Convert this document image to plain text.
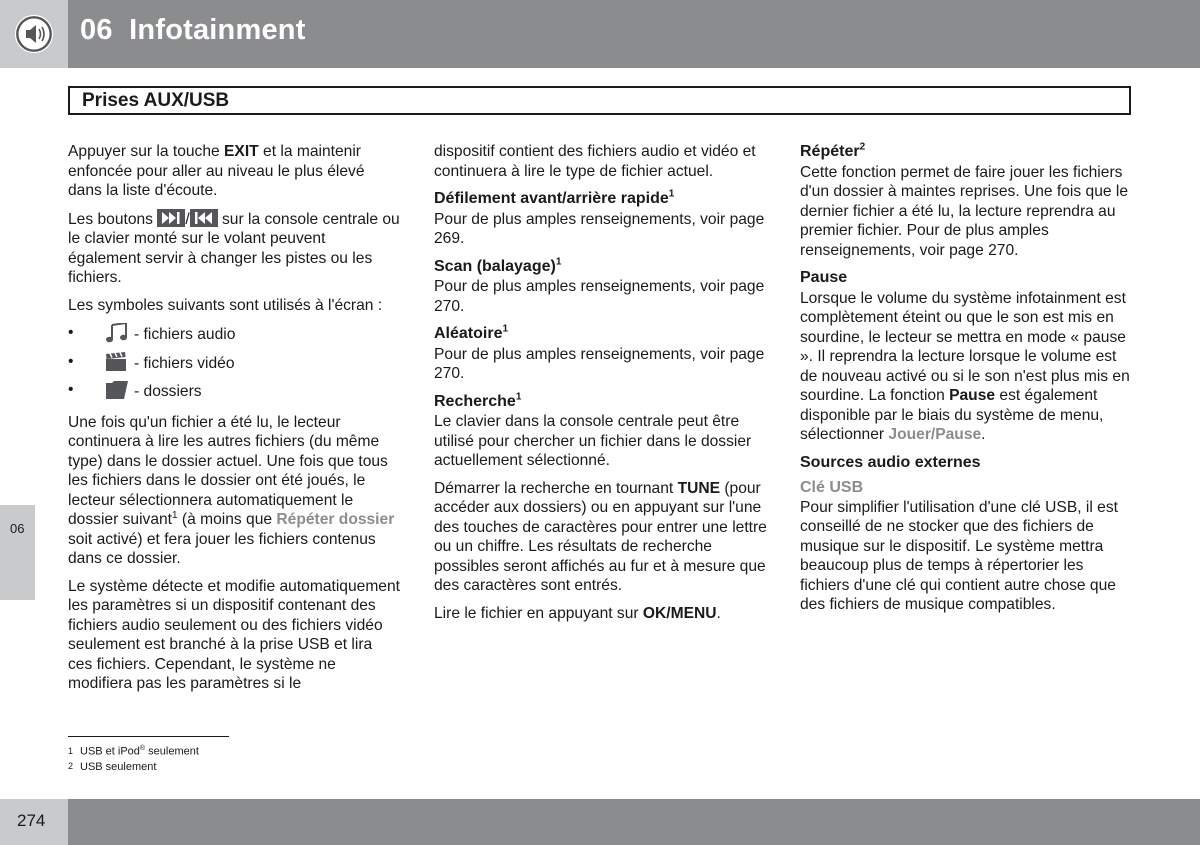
06  Infotainment
Prises AUX/USB

Appuyer sur la touche EXIT et la maintenir enfoncée pour aller au niveau le plus élevé dans la liste d'écoute.

Les boutons
/
sur la console centrale ou le clavier monté sur le volant peuvent également servir à changer les pistes ou les fichiers.

Les symboles suivants sont utilisés à l'écran :

•	- fichiers audio
•	- fichiers vidéo
•	- dossiers

Une fois qu'un fichier a été lu, le lecteur continuera à lire les autres fichiers (du même type) dans le dossier actuel. Une fois que tous les fichiers dans le dossier ont été joués, le lecteur sélectionnera automatiquement le dossier suivant$^1$ (à moins que Répéter dossier soit activé) et fera jouer les fichiers contenus dans ce dossier.

Le système détecte et modifie automatiquement les paramètres si un dispositif contenant des fichiers audio seulement ou des fichiers vidéo seulement est branché à la prise USB et lira ces fichiers. Cependant, le système ne modifiera pas les paramètres si le

dispositif contient des fichiers audio et vidéo et continuera à lire le type de fichier actuel.

Défilement avant/arrière rapide$^1$

Pour de plus amples renseignements, voir page 269.

Scan (balayage)$^1$

Pour de plus amples renseignements, voir page 270.

Aléatoire$^1$

Pour de plus amples renseignements, voir page 270.

Recherche$^1$

Le clavier dans la console centrale peut être utilisé pour chercher un fichier dans le dossier actuellement sélectionné.

Démarrer la recherche en tournant TUNE (pour accéder aux dossiers) ou en appuyant sur l'une des touches de caractères pour entrer une lettre ou un chiffre. Les résultats de recherche possibles seront affichés au fur et à mesure que des caractères sont entrés.

Lire le fichier en appuyant sur OK/MENU.

Répéter$^2$

Cette fonction permet de faire jouer les fichiers d'un dossier à maintes reprises. Une fois que le dernier fichier a été lu, la lecture reprendra au premier fichier. Pour de plus amples renseignements, voir page 270.

Pause

Lorsque le volume du système infotainment est complètement éteint ou que le son est mis en sourdine, le lecteur se mettra en mode « pause ». Il reprendra la lecture lorsque le volume est de nouveau activé ou si le son n'est plus mis en sourdine. La fonction Pause est également disponible par le biais du système de menu, sélectionner Jouer/Pause.

Sources audio externes
Clé USB

Pour simplifier l'utilisation d'une clé USB, il est conseillé de ne stocker que des fichiers de musique sur le dispositif. Le système mettra beaucoup plus de temps à répertorier les fichiers d'une clé qui contient autre chose que des fichiers de musique compatibles.

1 USB et iPod® seulement
2 USB seulement
06
274
